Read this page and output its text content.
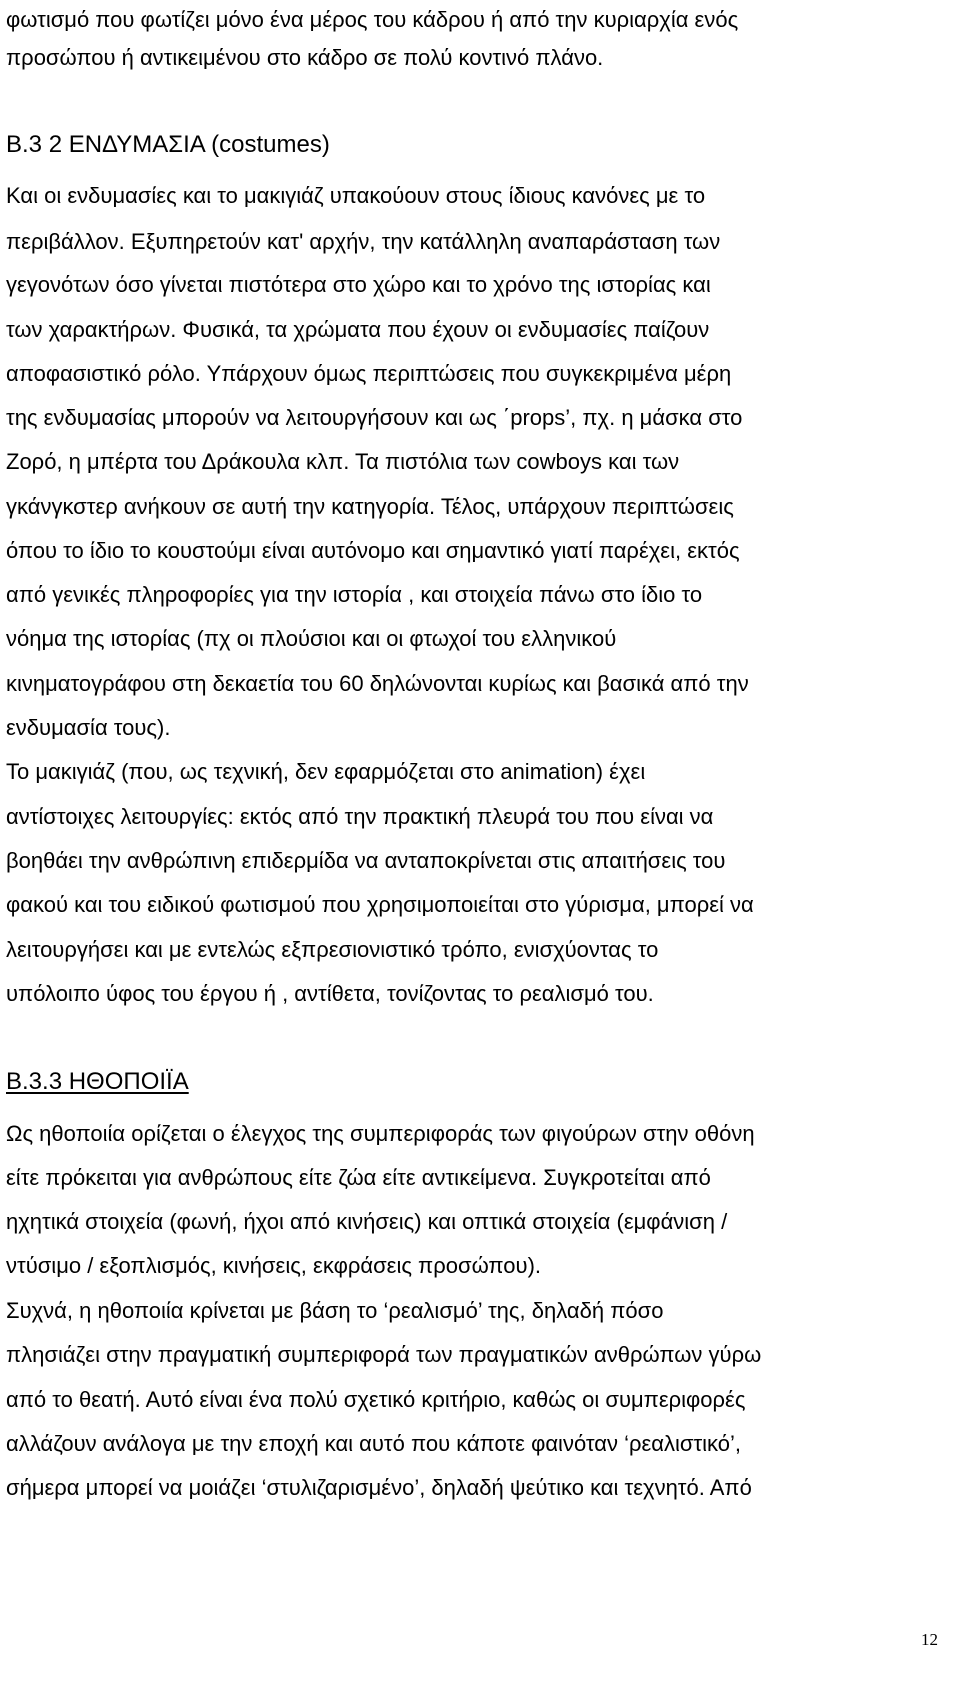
φωτισμό που φωτίζει μόνο ένα μέρος του κάδρου ή από την κυριαρχία ενός
προσώπου ή αντικειμένου στο κάδρο σε πολύ κοντινό πλάνο.
B.3 2 ΕΝΔΥΜΑΣΙΑ (costumes)
Και οι ενδυμασίες και το μακιγιάζ υπακούουν στους ίδιους κανόνες με το
περιβάλλον. Εξυπηρετούν κατ' αρχήν, την κατάλληλη αναπαράσταση των
γεγονότων όσο γίνεται πιστότερα στο χώρο και το χρόνο της ιστορίας και
των χαρακτήρων. Φυσικά, τα χρώματα που έχουν οι ενδυμασίες παίζουν
αποφασιστικό ρόλο. Υπάρχουν όμως περιπτώσεις που συγκεκριμένα μέρη
της ενδυμασίας μπορούν να λειτουργήσουν και ως ΄props’, πχ. η μάσκα στο
Ζορό, η μπέρτα του Δράκουλα κλπ. Τα πιστόλια των cowboys και των
γκάνγκστερ ανήκουν σε αυτή την κατηγορία. Τέλος, υπάρχουν περιπτώσεις
όπου το ίδιο το κουστούμι είναι αυτόνομο και σημαντικό γιατί παρέχει, εκτός
από γενικές πληροφορίες για την ιστορία , και στοιχεία πάνω στο ίδιο το
νόημα της ιστορίας (πχ οι πλούσιοι και οι φτωχοί του ελληνικού
κινηματογράφου στη δεκαετία του 60 δηλώνονται κυρίως και βασικά από την
ενδυμασία τους).
Το μακιγιάζ (που, ως τεχνική, δεν εφαρμόζεται στο animation) έχει
αντίστοιχες λειτουργίες: εκτός από την πρακτική πλευρά του που είναι να
βοηθάει την ανθρώπινη επιδερμίδα να ανταποκρίνεται στις απαιτήσεις του
φακού και του ειδικού φωτισμού που χρησιμοποιείται στο γύρισμα, μπορεί να
λειτουργήσει και με εντελώς εξπρεσιονιστικό τρόπο, ενισχύοντας το
υπόλοιπο ύφος του έργου ή , αντίθετα, τονίζοντας το ρεαλισμό του.
B.3.3 ΗΘΟΠΟΙΪΑ
Ως ηθοποιία ορίζεται ο έλεγχος της συμπεριφοράς των φιγούρων στην οθόνη
είτε πρόκειται για ανθρώπους είτε ζώα είτε αντικείμενα. Συγκροτείται από
ηχητικά στοιχεία (φωνή, ήχοι από κινήσεις) και οπτικά στοιχεία (εμφάνιση /
ντύσιμο / εξοπλισμός, κινήσεις, εκφράσεις προσώπου).
Συχνά, η ηθοποιία κρίνεται με βάση το ‘ρεαλισμό’ της, δηλαδή πόσο
πλησιάζει στην πραγματική συμπεριφορά των πραγματικών ανθρώπων γύρω
από το θεατή. Αυτό είναι ένα πολύ σχετικό κριτήριο, καθώς οι συμπεριφορές
αλλάζουν ανάλογα με την εποχή και αυτό που κάποτε φαινόταν ‘ρεαλιστικό’,
σήμερα μπορεί να μοιάζει ‘στυλιζαρισμένο’, δηλαδή ψεύτικο και τεχνητό. Από
12
